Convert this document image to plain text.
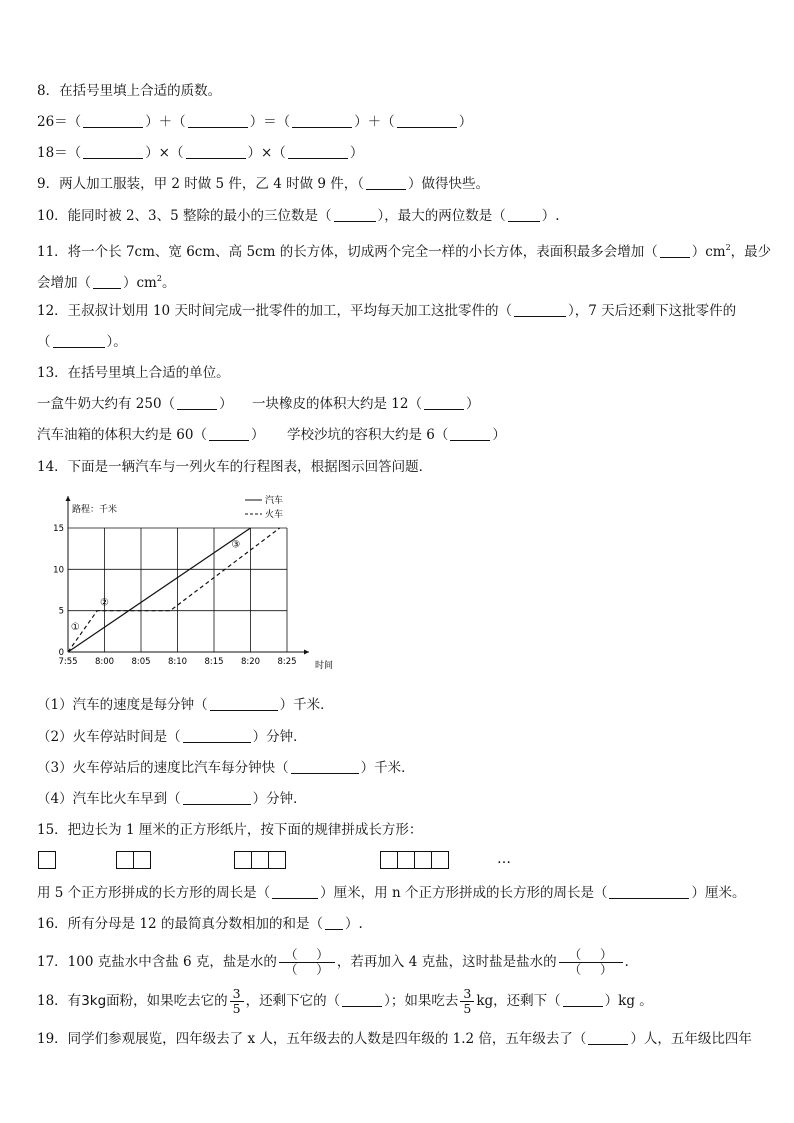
8．在括号里填上合适的质数。
26＝（	）＋（	）＝（	）＋（	）
18＝（	）×（	）×（	）
9．两人加工服装，甲 2 时做 5 件，乙 4 时做 9 件，（	）做得快些。
10．能同时被 2、3、5 整除的最小的三位数是（	），最大的两位数是（	）.
11．将一个长 7cm、宽 6cm、高 5cm 的长方体，切成两个完全一样的小长方体，表面积最多会增加（	）$cm^2$，最少
会增加（ ）$cm^2$。
12．王叔叔计划用 10 天时间完成一批零件的加工，平均每天加工这批零件的（	），7 天后还剩下这批零件的
（	）。
13．在括号里填上合适的单位。
一盒牛奶大约有 250（	） 一块橡皮的体积大约是 12（	）
汽车油箱的体积大约是 60（	） 学校沙坑的容积大约是 6（	）
14．下面是一辆汽车与一列火车的行程图表，根据图示回答问题．
7:55 8:00 8:05 8:10 8:15 8:20 8:25
0
5
10
15
①
②
③
路程：千米
时间
汽车
火车
（1）汽车的速度是每分钟（	）千米．
（2）火车停站时间是（	）分钟．
（3）火车停站后的速度比汽车每分钟快（	）千米．
（4）汽车比火车早到（	）分钟．
15．把边长为 1 厘米的正方形纸片，按下面的规律拼成长方形：
…
用 5 个正方形拼成的长方形的周长是（	）厘米，用 n 个正方形拼成的长方形的周长是（	）厘米。
16．所有分母是 12 的最简真分数相加的和是（ ）.
17．100 克盐水中含盐 6 克，盐是水的 $\frac{( )}{( )}$ ，若再加入 4 克盐，这时盐是盐水的 $\frac{( )}{( )}$ ．
18．有3kg面粉，如果吃去它的 $\frac{3}{5}$ ，还剩下它的（	）；如果吃去 $\frac{3}{5}$ kg，还剩下（	）kg 。
19．同学们参观展览，四年级去了 x 人，五年级去的人数是四年级的 1.2 倍，五年级去了（	）人，五年级比四年
